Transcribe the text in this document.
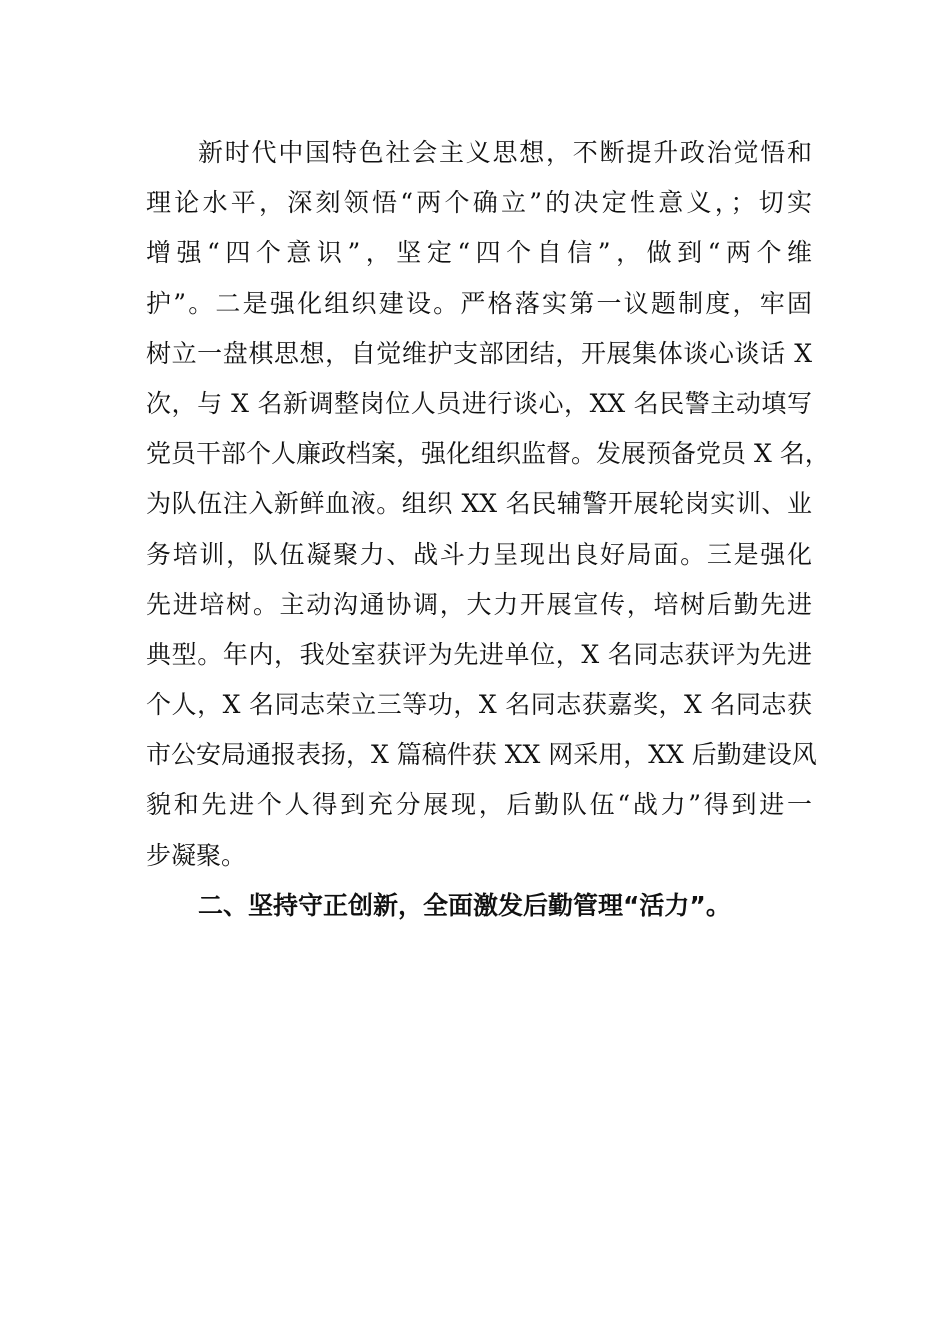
新时代中国特色社会主义思想，不断提升政治觉悟和
理论水平，深刻领悟“两个确立”的决定性意义，；切实
增强“四个意识”，坚定“四个自信”，做到“两个维
护”。二是强化组织建设。严格落实第一议题制度，牢固
树立一盘棋思想，自觉维护支部团结，开展集体谈心谈话 X
次，与 X 名新调整岗位人员进行谈心，XX 名民警主动填写
党员干部个人廉政档案，强化组织监督。发展预备党员 X 名，
为队伍注入新鲜血液。组织 XX 名民辅警开展轮岗实训、业
务培训，队伍凝聚力、战斗力呈现出良好局面。三是强化
先进培树。主动沟通协调，大力开展宣传，培树后勤先进
典型。年内，我处室获评为先进单位，X 名同志获评为先进
个人，X 名同志荣立三等功，X 名同志获嘉奖，X 名同志获
市公安局通报表扬，X 篇稿件获 XX 网采用，XX 后勤建设风
貌和先进个人得到充分展现，后勤队伍“战力”得到进一
步凝聚。
二、坚持守正创新，全面激发后勤管理“活力”。
